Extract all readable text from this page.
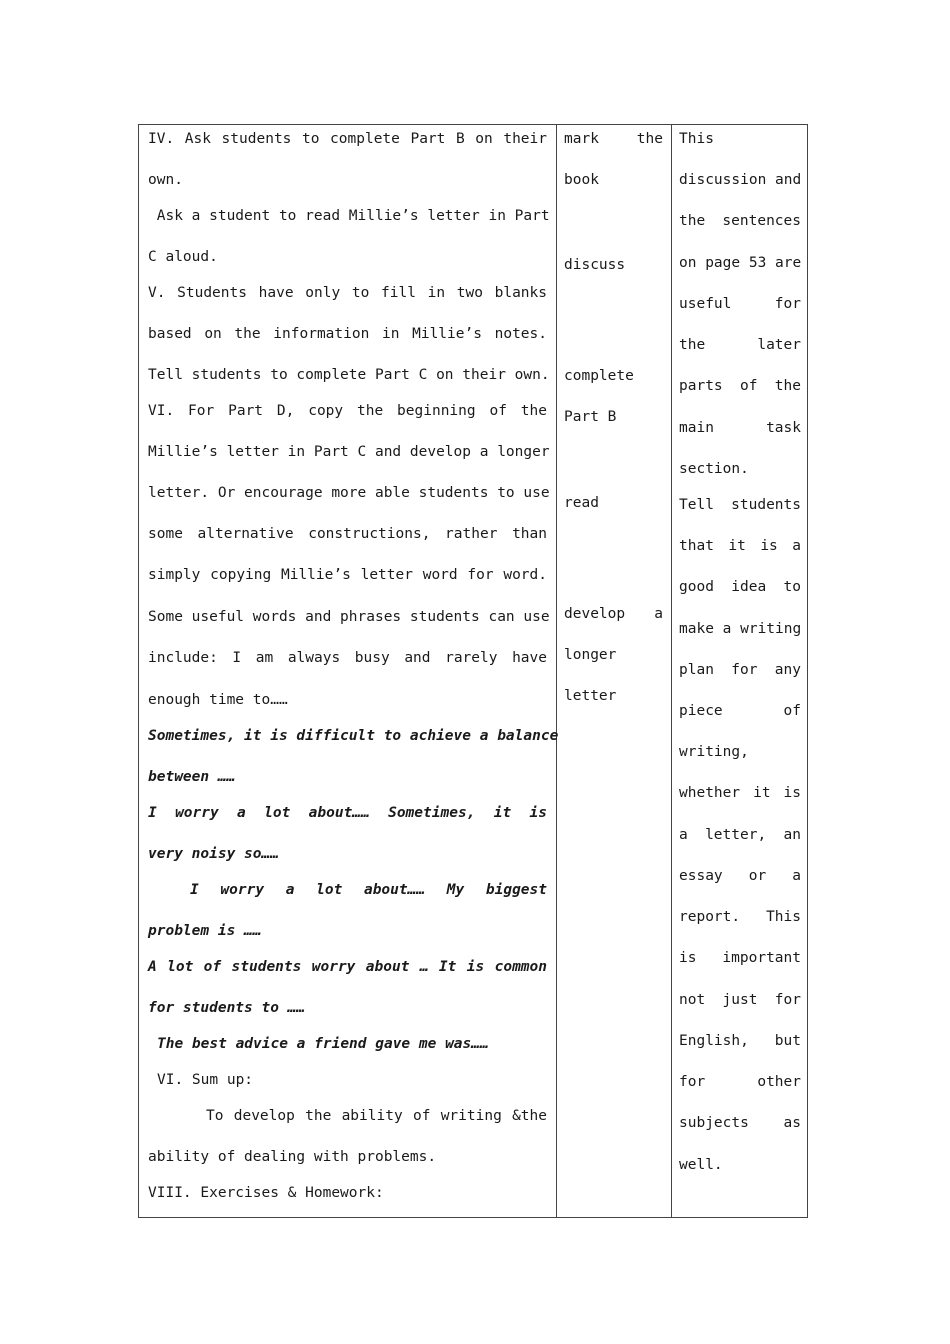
IV. Ask students to complete Part B on their
own.
Ask a student to read Millie’s letter in Part
C aloud.
V. Students have only to fill in two blanks
based on the information in Millie’s notes.
Tell students to complete Part C on their own.
VI. For Part D, copy the beginning of the
Millie’s letter in Part C and develop a longer
letter. Or encourage more able students to use
some alternative constructions, rather than
simply copying Millie’s letter word for word.
Some useful words and phrases students can use
include: I am always busy and rarely have
enough time to……
Sometimes, it is difficult to achieve a balance
between ……
I worry a lot about…… Sometimes, it is
very noisy so……
I worry a lot about…… My biggest
problem is ……
A lot of students worry about … It is common
for students to ……
The best advice a friend gave me was……
VI. Sum up:
To develop the ability of writing &the
ability of dealing with problems.
VIII. Exercises & Homework:
mark the
book
discuss
complete
Part B
read
develop a
longer
letter
This
discussion and
the sentences
on page 53 are
useful for
the later
parts of the
main task
section.
Tell students
that it is a
good idea to
make a writing
plan for any
piece of
writing,
whether it is
a letter, an
essay or a
report. This
is important
not just for
English, but
for other
subjects as
well.
